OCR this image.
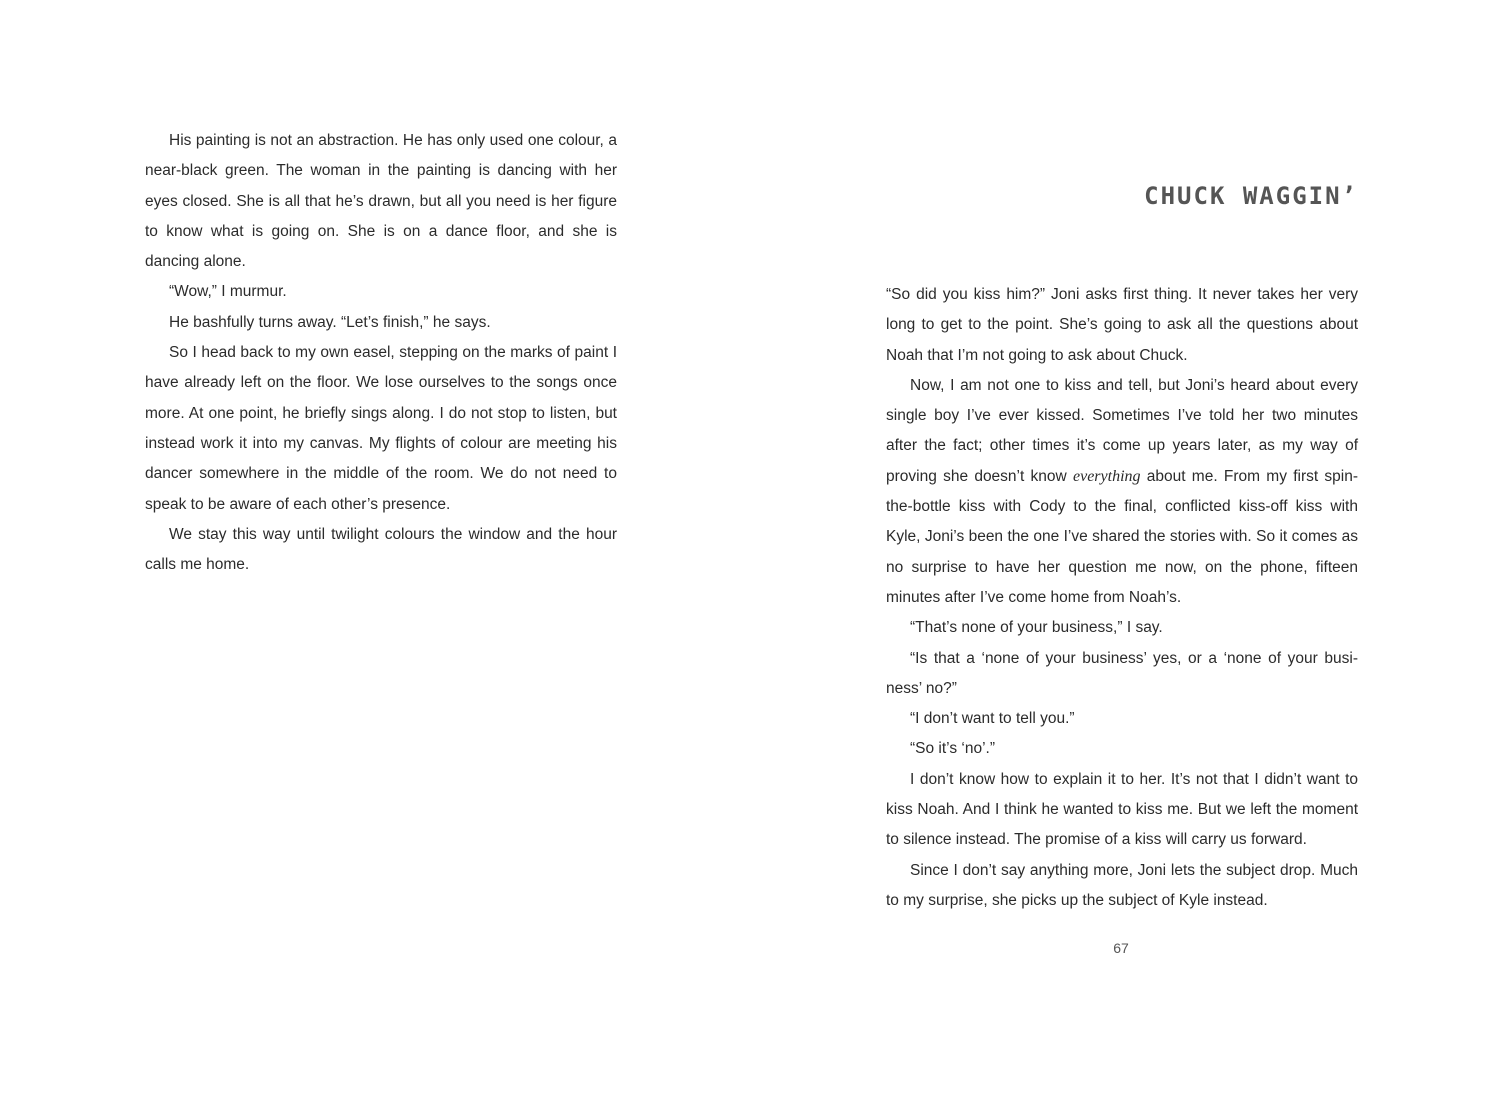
His painting is not an abstraction. He has only used one colour, a near-black green. The woman in the painting is dancing with her eyes closed. She is all that he’s drawn, but all you need is her figure to know what is going on. She is on a dance floor, and she is dancing alone.

“Wow,” I murmur.

He bashfully turns away. “Let’s finish,” he says.

So I head back to my own easel, stepping on the marks of paint I have already left on the floor. We lose ourselves to the songs once more. At one point, he briefly sings along. I do not stop to listen, but instead work it into my canvas. My flights of colour are meeting his dancer somewhere in the middle of the room. We do not need to speak to be aware of each other’s presence.

We stay this way until twilight colours the window and the hour calls me home.

CHUCK WAGGIN’

“So did you kiss him?” Joni asks first thing. It never takes her very long to get to the point. She’s going to ask all the questions about Noah that I’m not going to ask about Chuck.

Now, I am not one to kiss and tell, but Joni’s heard about every single boy I’ve ever kissed. Sometimes I’ve told her two minutes after the fact; other times it’s come up years later, as my way of proving she doesn’t know everything about me. From my first spin-the-bottle kiss with Cody to the final, conflicted kiss-off kiss with Kyle, Joni’s been the one I’ve shared the stories with. So it comes as no surprise to have her question me now, on the phone, fifteen minutes after I’ve come home from Noah’s.

“That’s none of your business,” I say.

“Is that a ‘none of your business’ yes, or a ‘none of your busi-ness’ no?”

“I don’t want to tell you.”

“So it’s ‘no’.”

I don’t know how to explain it to her. It’s not that I didn’t want to kiss Noah. And I think he wanted to kiss me. But we left the moment to silence instead. The promise of a kiss will carry us forward.

Since I don’t say anything more, Joni lets the subject drop. Much to my surprise, she picks up the subject of Kyle instead.

67
